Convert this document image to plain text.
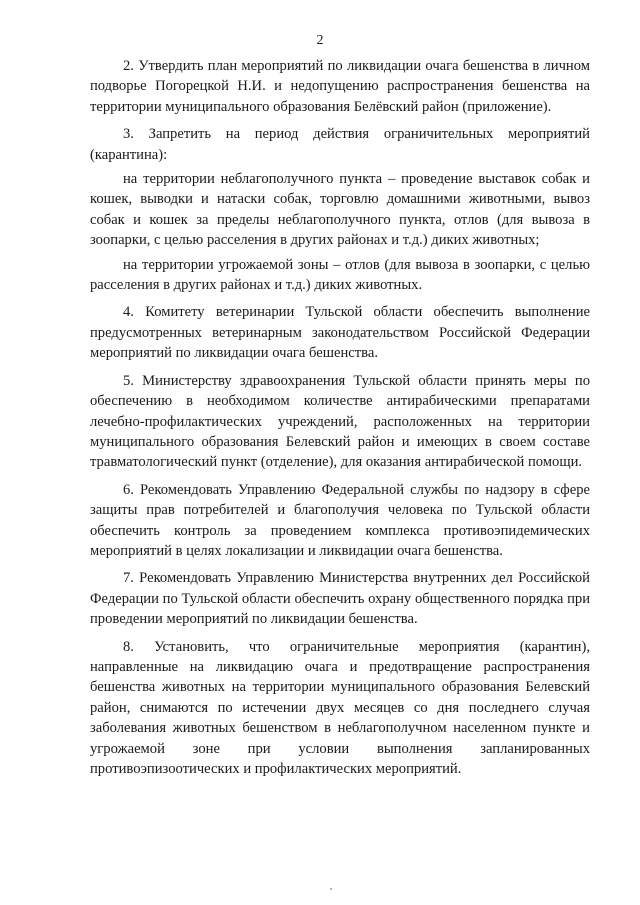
2

2. Утвердить план мероприятий по ликвидации очага бешенства в личном подворье Погорецкой Н.И. и недопущению распространения бешенства на территории муниципального образования Белёвский район (приложение).

3. Запретить на период действия ограничительных мероприятий (карантина):

на территории неблагополучного пункта – проведение выставок собак и кошек, выводки и натаски собак, торговлю домашними животными, вывоз собак и кошек за пределы неблагополучного пункта, отлов (для вывоза в зоопарки, с целью расселения в других районах и т.д.) диких животных;

на территории угрожаемой зоны – отлов (для вывоза в зоопарки, с целью расселения в других районах и т.д.) диких животных.

4. Комитету ветеринарии Тульской области обеспечить выполнение предусмотренных ветеринарным законодательством Российской Федерации мероприятий по ликвидации очага бешенства.

5. Министерству здравоохранения Тульской области принять меры по обеспечению в необходимом количестве антирабическими препаратами лечебно-профилактических учреждений, расположенных на территории муниципального образования Белевский район и имеющих в своем составе травматологический пункт (отделение), для оказания антирабической помощи.

6. Рекомендовать Управлению Федеральной службы по надзору в сфере защиты прав потребителей и благополучия человека по Тульской области обеспечить контроль за проведением комплекса противоэпидемических мероприятий в целях локализации и ликвидации очага бешенства.

7. Рекомендовать Управлению Министерства внутренних дел Российской Федерации по Тульской области обеспечить охрану общественного порядка при проведении мероприятий по ликвидации бешенства.

8. Установить, что ограничительные мероприятия (карантин), направленные на ликвидацию очага и предотвращение распространения бешенства животных на территории муниципального образования Белевский район, снимаются по истечении двух месяцев со дня последнего случая заболевания животных бешенством в неблагополучном населенном пункте и угрожаемой зоне при условии выполнения запланированных противоэпизоотических и профилактических мероприятий.
